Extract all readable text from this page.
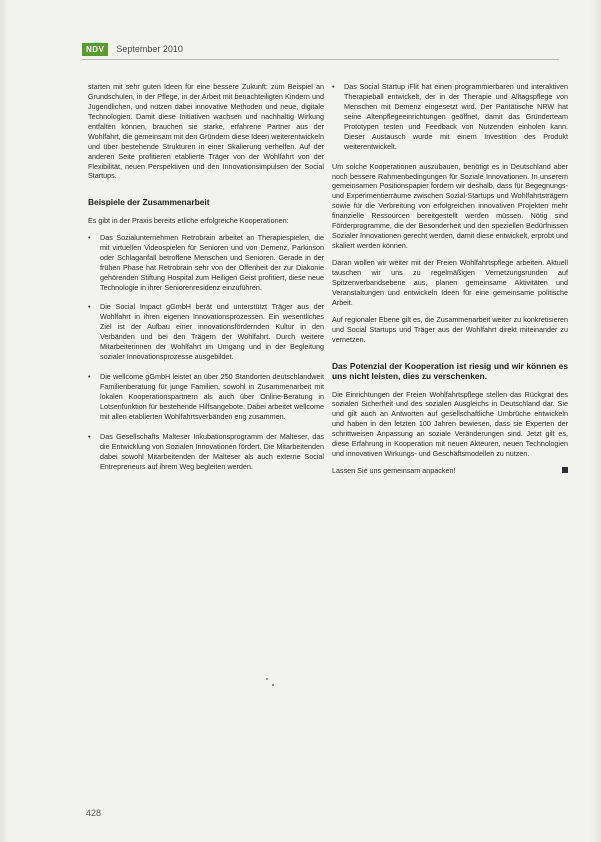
NDV	September 2010

starten mit sehr guten Ideen für eine bessere Zukunft: zum Beispiel an Grundschulen, in der Pflege, in der Arbeit mit benachteiligten Kindern und Jugendlichen, und nutzen dabei innovative Methoden und neue, digitale Technologien. Damit diese Initiativen wachsen und nachhaltig Wirkung entfalten können, brauchen sie starke, erfahrene Partner aus der Wohlfahrt, die gemeinsam mit den Gründern diese Ideen weiterentwickeln und über bestehende Strukturen in einer Skalierung verhelfen. Auf der anderen Seite profitieren etablierte Träger von der Wohlfahrt von der Flexibilität, neuen Perspektiven und den Innovationsimpulsen der Social Startups.

Beispiele der Zusammenarbeit

Es gibt in der Praxis bereits etliche erfolgreiche Kooperationen:

• Das Sozialunternehmen Retrobrain arbeitet an Therapiespielen, die mit virtuellen Videospielen für Senioren und von Demenz, Parkinson oder Schlaganfall betroffene Menschen und Senioren. Gerade in der frühen Phase hat Retrobrain sehr von der Offenheit der zur Diakonie gehörenden Stiftung Hospital zum Heiligen Geist profitiert, diese neue Technologie in ihrer Seniorenresidenz einzuführen.
• Die Social Impact gGmbH berät und unterstützt Träger aus der Wohlfahrt in ihren eigenen Innovationsprozessen. Ein wesentliches Ziel ist der Aufbau einer innovationsfördernden Kultur in den Verbänden und bei den Trägern der Wohlfahrt. Durch weitere Mitarbeiterinnen der Wohlfahrt im Umgang und in der Begleitung sozialer Innovationsprozesse ausgebildet.
• Die wellcome gGmbH leistet an über 250 Standorten deutschlandweit Familienberatung für junge Familien, sowohl in Zusammenarbeit mit lokalen Kooperationspartnern als auch über Online-Beratung in Lotsenfunktion für bestehende Hilfsangebote. Dabei arbeitet wellcome mit allen etablierten Wohlfahrtsverbänden eng zusammen.
• Das Gesellschafts Malteser Inkubationsprogramm der Malteser, das die Entwicklung von Sozialen Innovationen fördert. Die Mitarbeitenden dabei sowohl Mitarbeitenden der Malteser als auch externe Social Entrepreneurs auf ihrem Weg begleiten werden.
• Das Social Startup iFlit hat einen programmierbaren und interaktiven Therapieball entwickelt, der in der Therapie und Alltagspflege von Menschen mit Demenz eingesetzt wird. Der Paritätische NRW hat seine Altenpflegeeinrichtungen geöffnet, damit das Gründerteam Prototypen testen und Feedback von Nutzenden einholen kann. Dieser Austausch wurde mit einem Investition des Produkt weiterentwickelt.

Um solche Kooperationen auszubauen, benötigt es in Deutschland aber noch bessere Rahmenbedingungen für Soziale Innovationen. In unserem gemeinsamen Positionspapier fordern wir deshalb, dass für Begegnungs- und Experimentierräume zwischen Sozial-Startups und Wohlfahrtsträgern sowie für die Verbreitung von erfolgreichen innovativen Projekten mehr finanzielle Ressourcen bereitgestellt werden müssen. Nötig sind Förderprogramme, die der Besonderheit und den speziellen Bedürfnissen Sozialer Innovationen gerecht werden, damit diese entwickelt, erprobt und skaliert werden können.

Daran wollen wir weiter mit der Freien Wohlfahrtspflege arbeiten. Aktuell tauschen wir uns zu regelmäßigen Vernetzungsrunden auf Spitzenverbandsebene aus, planen gemeinsame Aktivitäten und Veranstaltungen und entwickeln Ideen für eine gemeinsame politische Arbeit.

Auf regionaler Ebene gilt es, die Zusammenarbeit weiter zu konkretisieren und Social Startups und Träger aus der Wohlfahrt direkt miteinander zu vernetzen.

Das Potenzial der Kooperation ist riesig und wir können es uns nicht leisten, dies zu verschenken.

Die Einrichtungen der Freien Wohlfahrtspflege stellen das Rückgrat des sozialen Sicherheit und des sozialen Ausgleichs in Deutschland dar. Sie und gilt auch an Antworten auf gesellschaftliche Umbrüche entwickeln und haben in den letzten 100 Jahren bewiesen, dass sie Experten der schrittweisen Anpassung an soziale Veränderungen sind. Jetzt gilt es, diese Erfahrung in Kooperation mit neuen Akteuren, neuen Technologien und innovativen Wirkungs- und Geschäftsmodellen zu nutzen.

Lassen Sie uns gemeinsam anpacken!

428
